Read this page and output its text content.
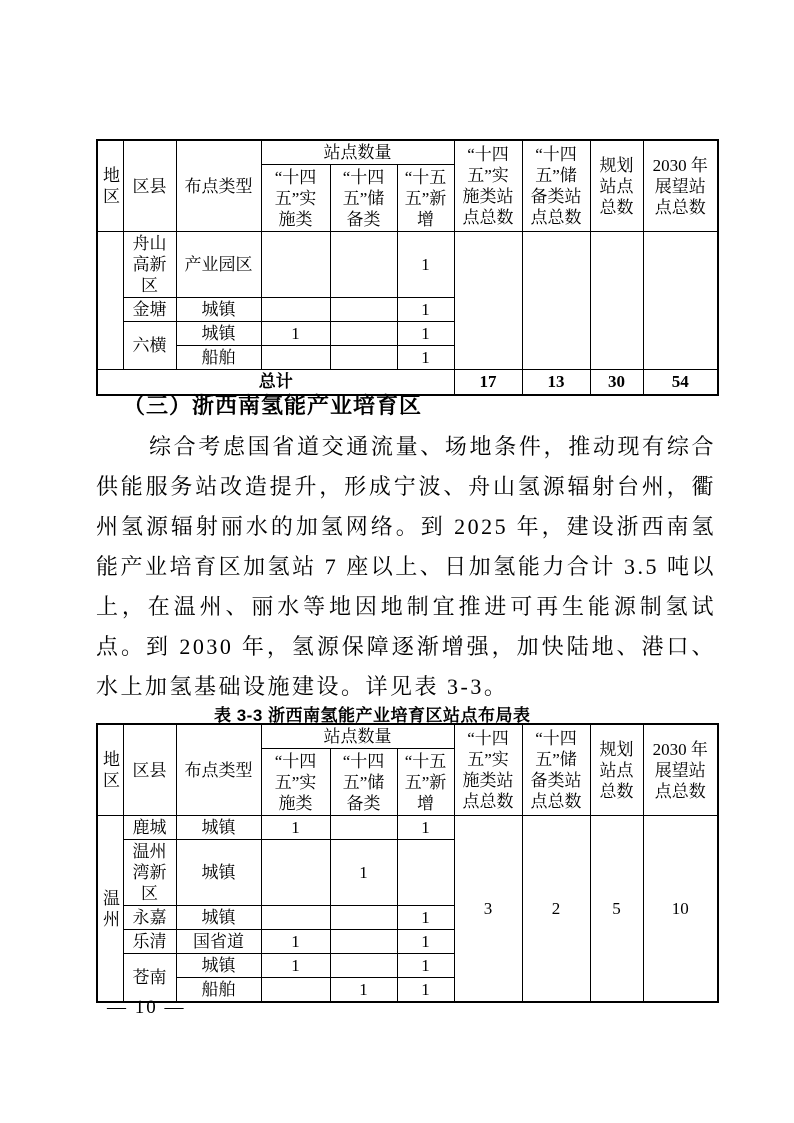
地区	区县	布点类型	站点数量			“十四五”实施类站点总数	“十四五”储备类站点总数	规划站点总数	2030 年展望站点总数
			“十四五”实施类	“十四五”储备类	“十五五”新增				
	舟山高新区	产业园区			1				
	金塘	城镇			1				
	六横	城镇	1		1				
		船舶			1				
总计						17	13	30	54
（三）浙西南氢能产业培育区

综合考虑国省道交通流量、场地条件，推动现有综合供能服务站改造提升，形成宁波、舟山氢源辐射台州，衢州氢源辐射丽水的加氢网络。到 2025 年，建设浙西南氢能产业培育区加氢站 7 座以上、日加氢能力合计 3.5 吨以上，在温州、丽水等地因地制宜推进可再生能源制氢试点。到 2030 年，氢源保障逐渐增强，加快陆地、港口、水上加氢基础设施建设。详见表 3-3。

表 3-3 浙西南氢能产业培育区站点布局表
地区	区县	布点类型	站点数量			“十四五”实施类站点总数	“十四五”储备类站点总数	规划站点总数	2030 年展望站点总数
			“十四五”实施类	“十四五”储备类	“十五五”新增				
温州	鹿城	城镇	1		1	3	2	5	10
	温州湾新区	城镇		1					
	永嘉	城镇			1				
	乐清	国省道	1		1				
	苍南	城镇	1		1				
		船舶		1	1				
— 10 —
